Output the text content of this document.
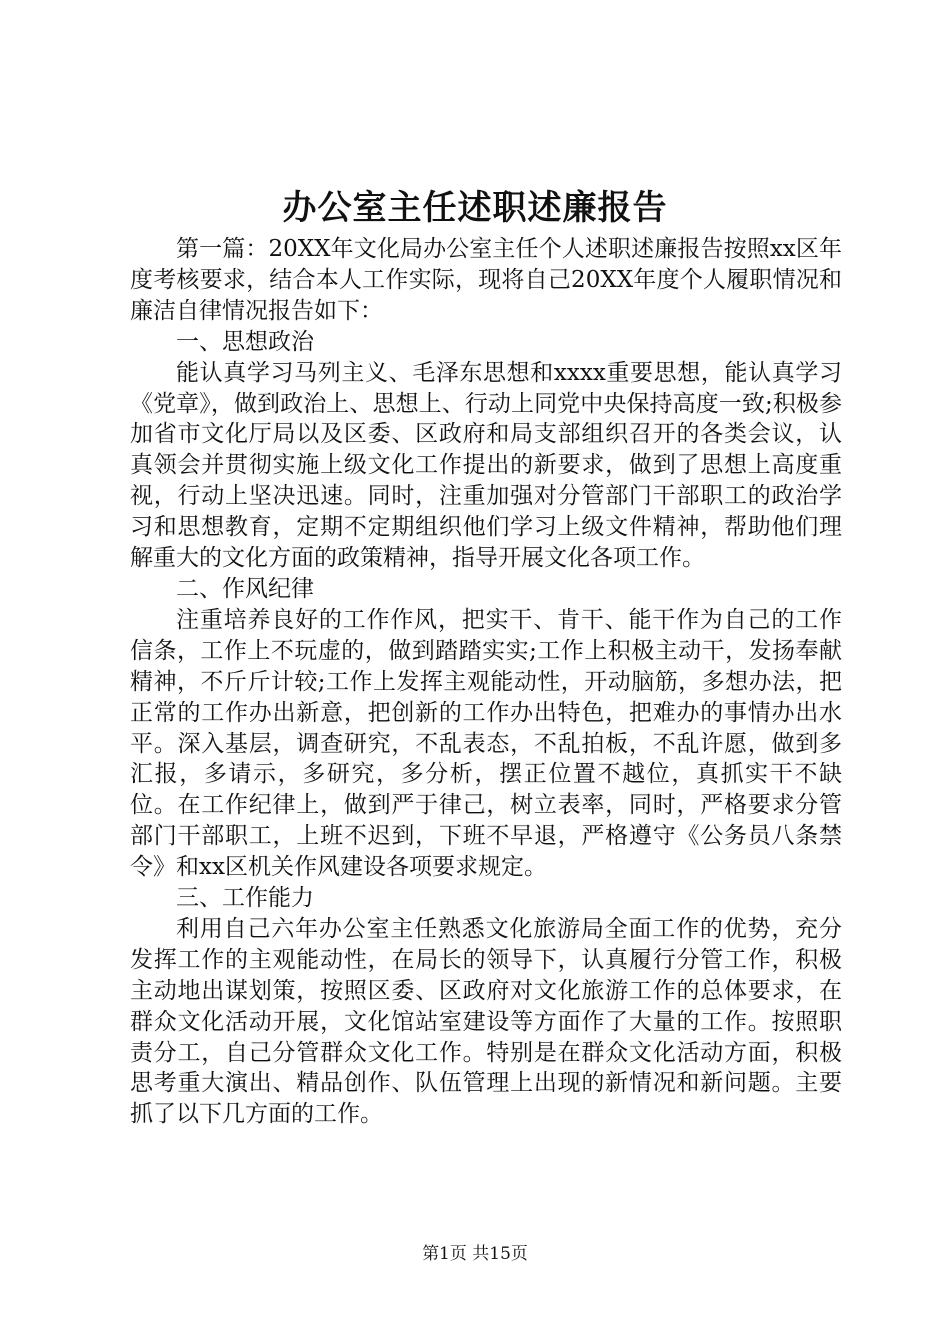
办公室主任述职述廉报告

第一篇：20XX年文化局办公室主任个人述职述廉报告按照xx区年度考核要求，结合本人工作实际，现将自己20XX年度个人履职情况和廉洁自律情况报告如下：

一、思想政治

能认真学习马列主义、毛泽东思想和xxxx重要思想，能认真学习《党章》，做到政治上、思想上、行动上同党中央保持高度一致;积极参加省市文化厅局以及区委、区政府和局支部组织召开的各类会议，认真领会并贯彻实施上级文化工作提出的新要求，做到了思想上高度重视，行动上坚决迅速。同时，注重加强对分管部门干部职工的政治学习和思想教育，定期不定期组织他们学习上级文件精神，帮助他们理解重大的文化方面的政策精神，指导开展文化各项工作。

二、作风纪律

注重培养良好的工作作风，把实干、肯干、能干作为自己的工作信条，工作上不玩虚的，做到踏踏实实;工作上积极主动干，发扬奉献精神，不斤斤计较;工作上发挥主观能动性，开动脑筋，多想办法，把正常的工作办出新意，把创新的工作办出特色，把难办的事情办出水平。深入基层，调查研究，不乱表态，不乱拍板，不乱许愿，做到多汇报，多请示，多研究，多分析，摆正位置不越位，真抓实干不缺位。在工作纪律上，做到严于律己，树立表率，同时，严格要求分管部门干部职工，上班不迟到，下班不早退，严格遵守《公务员八条禁令》和xx区机关作风建设各项要求规定。

三、工作能力

利用自己六年办公室主任熟悉文化旅游局全面工作的优势，充分发挥工作的主观能动性，在局长的领导下，认真履行分管工作，积极主动地出谋划策，按照区委、区政府对文化旅游工作的总体要求，在群众文化活动开展，文化馆站室建设等方面作了大量的工作。按照职责分工，自己分管群众文化工作。特别是在群众文化活动方面，积极思考重大演出、精品创作、队伍管理上出现的新情况和新问题。主要抓了以下几方面的工作。

第1页 共15页
